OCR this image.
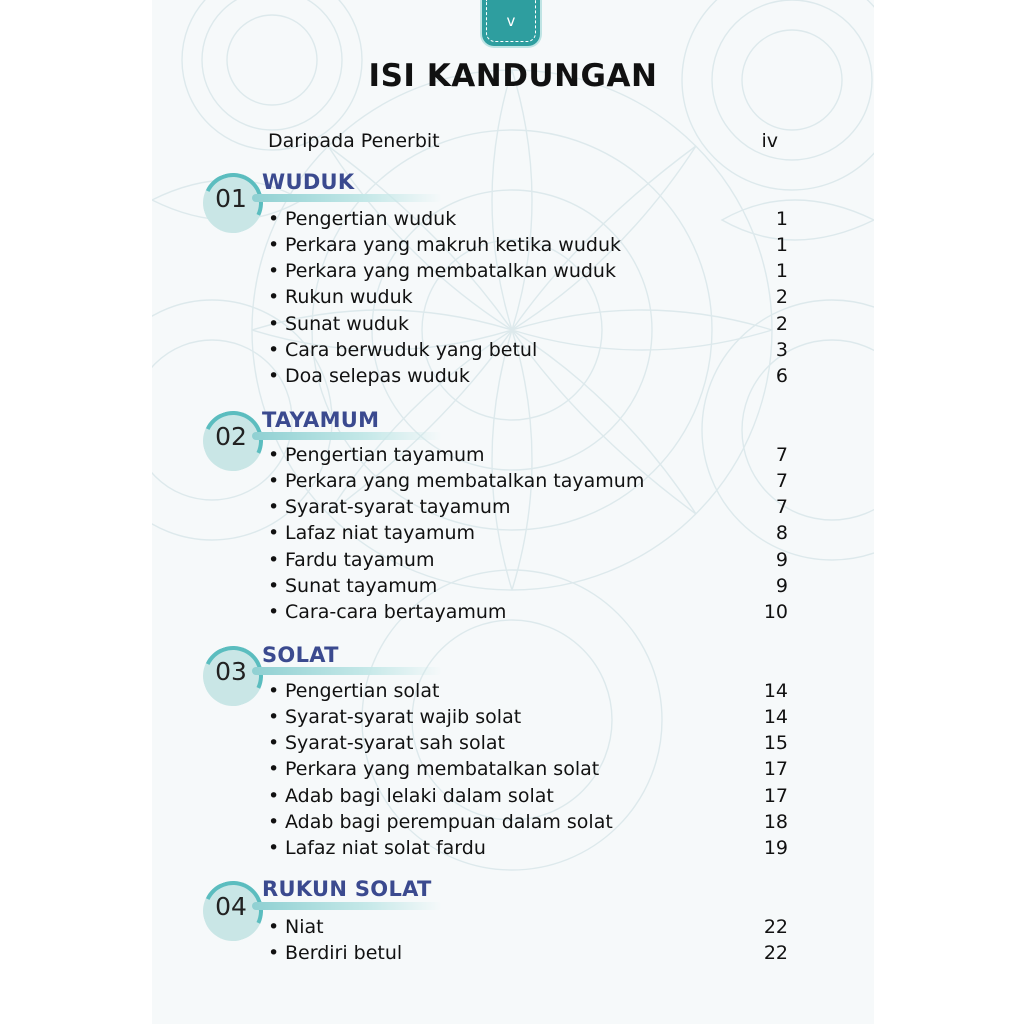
v
ISI KANDUNGAN
Daripada Penerbit	iv
01
WUDUK
• Pengertian wuduk	1
• Perkara yang makruh ketika wuduk	1
• Perkara yang membatalkan wuduk	1
• Rukun wuduk	2
• Sunat wuduk	2
• Cara berwuduk yang betul	3
• Doa selepas wuduk	6
02
TAYAMUM
• Pengertian tayamum	7
• Perkara yang membatalkan tayamum	7
• Syarat-syarat tayamum	7
• Lafaz niat tayamum	8
• Fardu tayamum	9
• Sunat tayamum	9
• Cara-cara bertayamum	10
03
SOLAT
• Pengertian solat	14
• Syarat-syarat wajib solat	14
• Syarat-syarat sah solat	15
• Perkara yang membatalkan solat	17
• Adab bagi lelaki dalam solat	17
• Adab bagi perempuan dalam solat	18
• Lafaz niat solat fardu	19
04
RUKUN SOLAT
• Niat	22
• Berdiri betul	22
